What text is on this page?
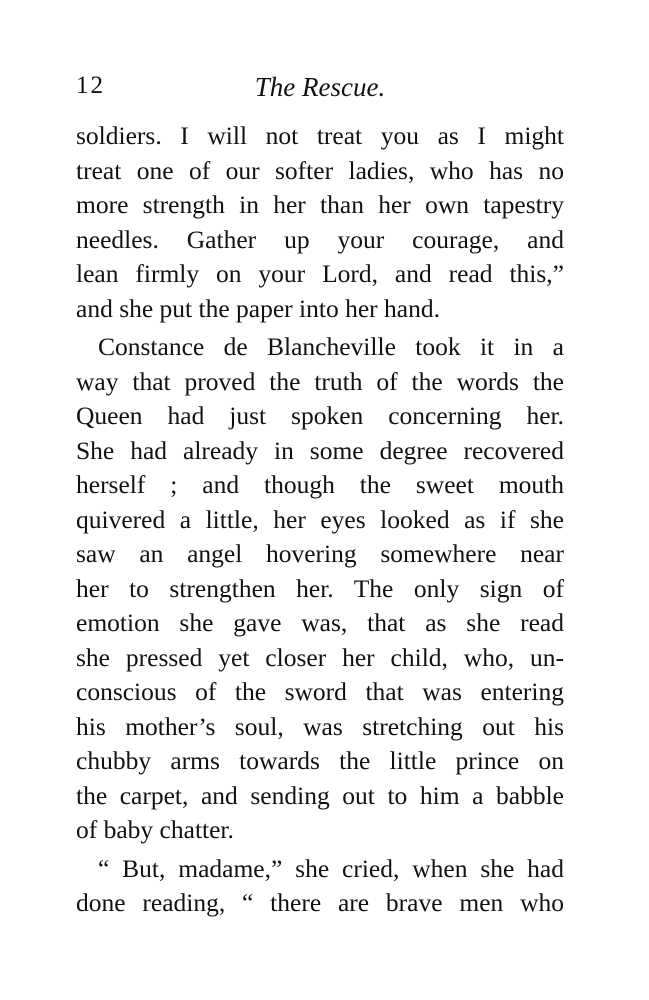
12	The Rescue.
soldiers. I will not treat you as I might
treat one of our softer ladies, who has no
more strength in her than her own tapestry
needles. Gather up your courage, and
lean firmly on your Lord, and read this,”
and she put the paper into her hand.
Constance de Blancheville took it in a
way that proved the truth of the words the
Queen had just spoken concerning her.
She had already in some degree recovered
herself ; and though the sweet mouth
quivered a little, her eyes looked as if she
saw an angel hovering somewhere near
her to strengthen her. The only sign of
emotion she gave was, that as she read
she pressed yet closer her child, who, un-
conscious of the sword that was entering
his mother’s soul, was stretching out his
chubby arms towards the little prince on
the carpet, and sending out to him a babble
of baby chatter.
“ But, madame,” she cried, when she had
done reading, “ there are brave men who
